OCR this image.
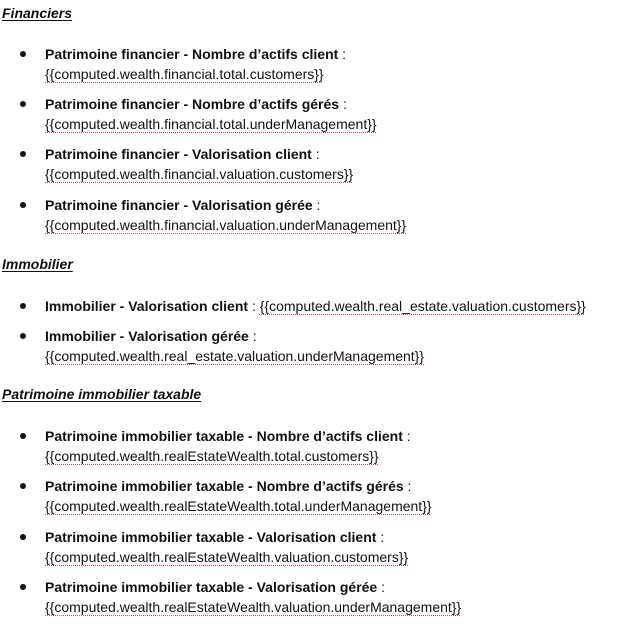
Financiers
Patrimoine financier - Nombre d’actifs client :
{{computed.wealth.financial.total.customers}}
Patrimoine financier - Nombre d’actifs gérés :
{{computed.wealth.financial.total.underManagement}}
Patrimoine financier - Valorisation client :
{{computed.wealth.financial.valuation.customers}}
Patrimoine financier - Valorisation gérée :
{{computed.wealth.financial.valuation.underManagement}}
Immobilier
Immobilier - Valorisation client : {{computed.wealth.real_estate.valuation.customers}}
Immobilier - Valorisation gérée :
{{computed.wealth.real_estate.valuation.underManagement}}
Patrimoine immobilier taxable
Patrimoine immobilier taxable - Nombre d’actifs client :
{{computed.wealth.realEstateWealth.total.customers}}
Patrimoine immobilier taxable - Nombre d’actifs gérés :
{{computed.wealth.realEstateWealth.total.underManagement}}
Patrimoine immobilier taxable - Valorisation client :
{{computed.wealth.realEstateWealth.valuation.customers}}
Patrimoine immobilier taxable - Valorisation gérée :
{{computed.wealth.realEstateWealth.valuation.underManagement}}
